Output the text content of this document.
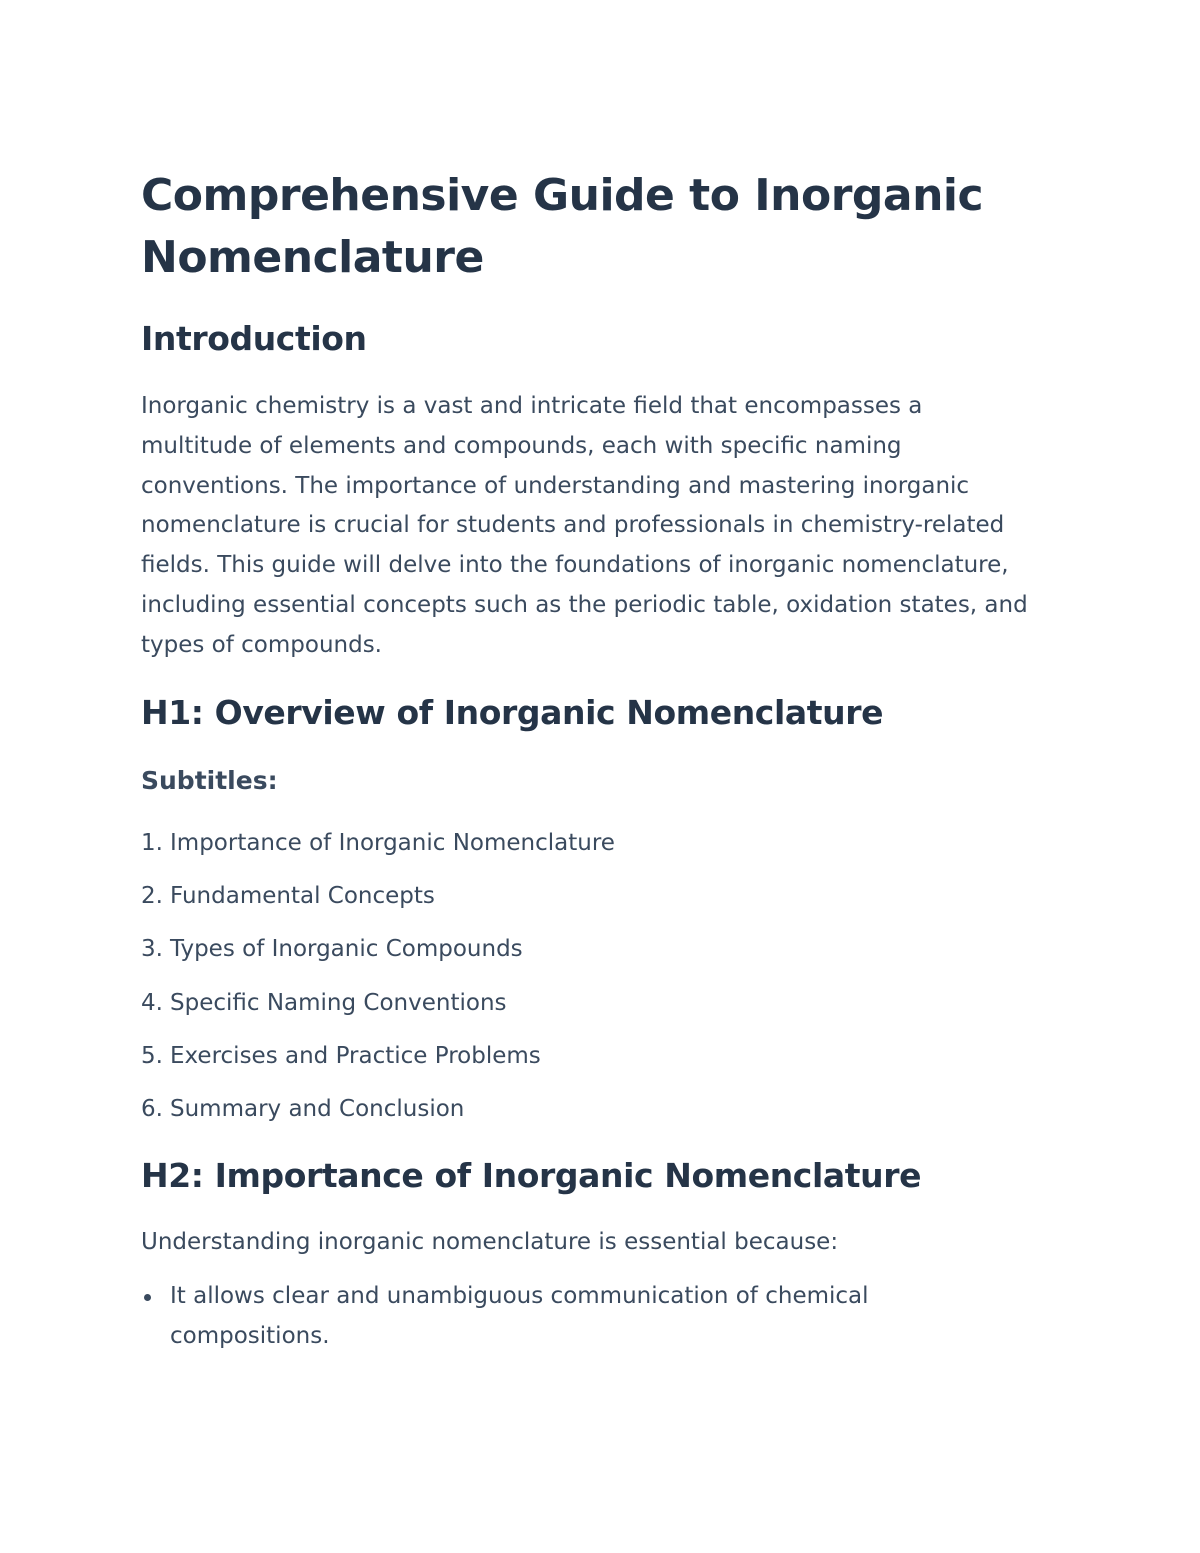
Comprehensive Guide to Inorganic Nomenclature
Introduction

Inorganic chemistry is a vast and intricate field that encompasses a multitude of elements and compounds, each with specific naming conventions. The importance of understanding and mastering inorganic nomenclature is crucial for students and professionals in chemistry-related fields. This guide will delve into the foundations of inorganic nomenclature, including essential concepts such as the periodic table, oxidation states, and types of compounds.

H1: Overview of Inorganic Nomenclature
Subtitles:
1. Importance of Inorganic Nomenclature
2. Fundamental Concepts
3. Types of Inorganic Compounds
4. Specific Naming Conventions
5. Exercises and Practice Problems
6. Summary and Conclusion
H2: Importance of Inorganic Nomenclature

Understanding inorganic nomenclature is essential because:

It allows clear and unambiguous communication of chemical compositions.
